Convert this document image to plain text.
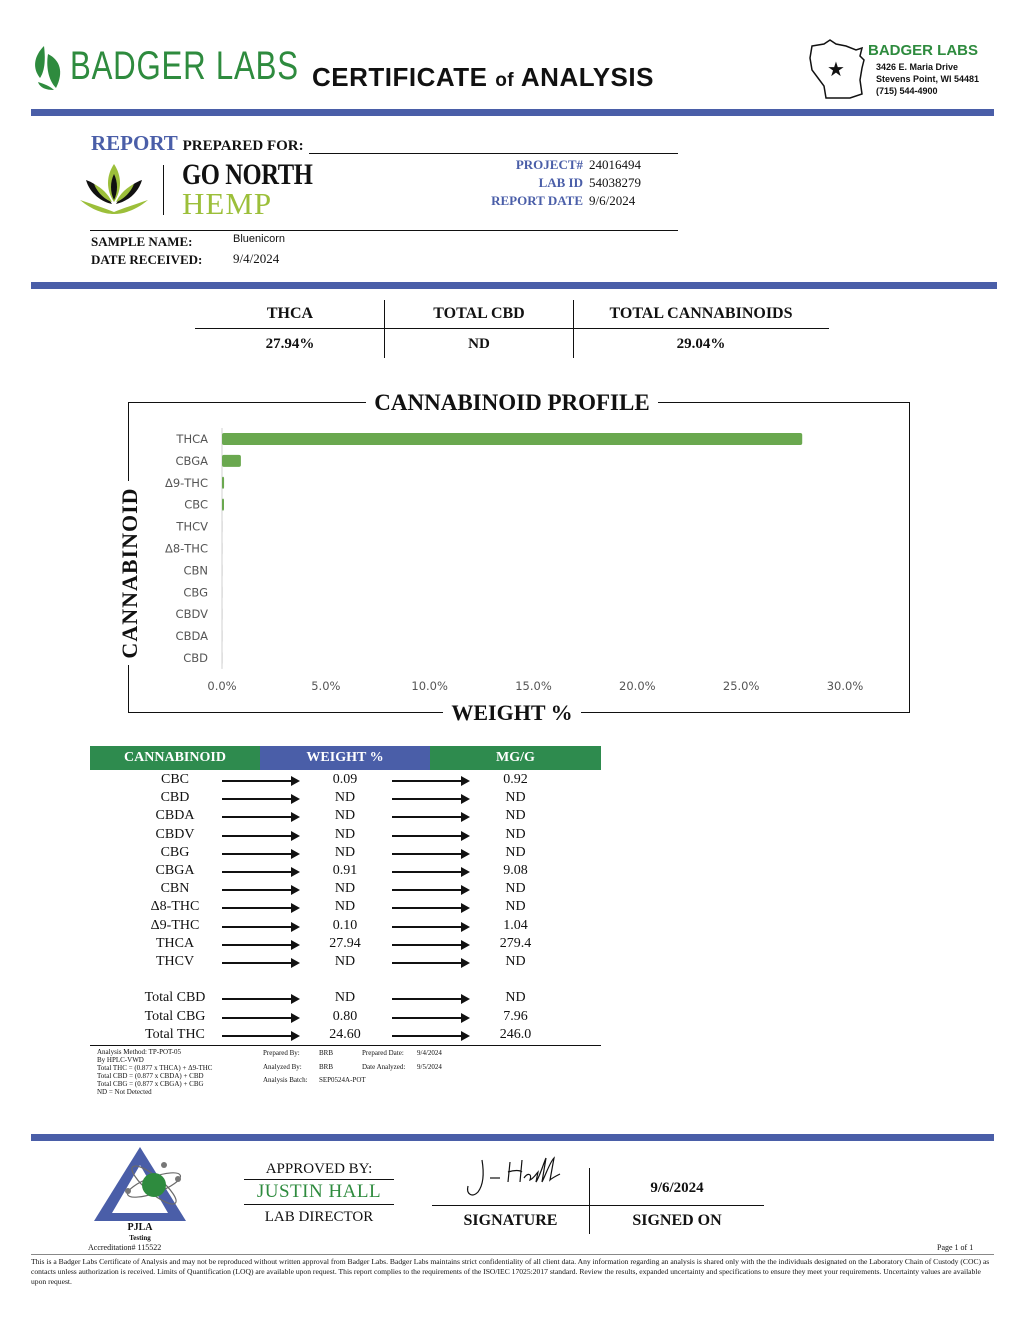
BADGER LABS CERTIFICATE of ANALYSIS	★
BADGER LABS
3426 E. Maria Drive
Stevens Point, WI 54481
(715) 544-4900
REPORT PREPARED FOR:
GO NORTH
HEMP
PROJECT# 24016494
LAB ID 54038279
REPORT DATE 9/6/2024
SAMPLE NAME:	Bluenicorn
DATE RECEIVED: 9/4/2024
THCA	TOTAL CBD	TOTAL CANNABINOIDS
27.94%	ND	29.04%
CANNABINOID PROFILE
WEIGHT %
CANNABINOID
THCA
CBGA
Δ9-THC
CBC
THCV
Δ8-THC
CBN
CBG
CBDV
CBDA
CBD
0.0%	5.0%	10.0%	15.0%	20.0%	25.0%	30.0%
CANNABINOID	WEIGHT %	MG/G
CBC	0.09	0.92
CBD	ND	ND
CBDA	ND	ND
CBDV	ND	ND
CBG	ND	ND
CBGA	0.91	9.08
CBN	ND	ND
Δ8-THC	ND	ND
Δ9-THC	0.10	1.04
THCA	27.94	279.4
THCV	ND	ND
Total CBD	ND	ND
Total CBG	0.80	7.96
Total THC	24.60	246.0
Analysis Method: TP-POT-05
By HPLC-VWD
Total THC = (0.877 x THCA) + Δ9-THC
Total CBD = (0.877 x CBDA) + CBD
Total CBG = (0.877 x CBGA) + CBG
ND = Not Detected
Prepared By:	BRB	Prepared Date: 9/4/2024
Analyzed By: BRB	Date Analyzed: 9/5/2024
Analysis Batch: SEP0524A-POT
PJLA
Testing
Accreditation# 115522
APPROVED BY:
JUSTIN HALL
LAB DIRECTOR
9/6/2024
SIGNATURE	SIGNED ON
Page 1 of 1
This is a Badger Labs Certificate of Analysis and may not be reproduced without written approval from Badger Labs. Badger Labs maintains strict confidentiality of all client data. Any information regarding an analysis is shared only with the the individuals designated on the Laboratory Chain of Custody (COC) as contacts unless authorization is received. Limits of Quantification (LOQ) are available upon request. This report complies to the requirements of the ISO/IEC 17025:2017 standard. Review the results, expanded uncertainty and specifications to ensure they meet your requirements. Uncertainty values are available upon request.
